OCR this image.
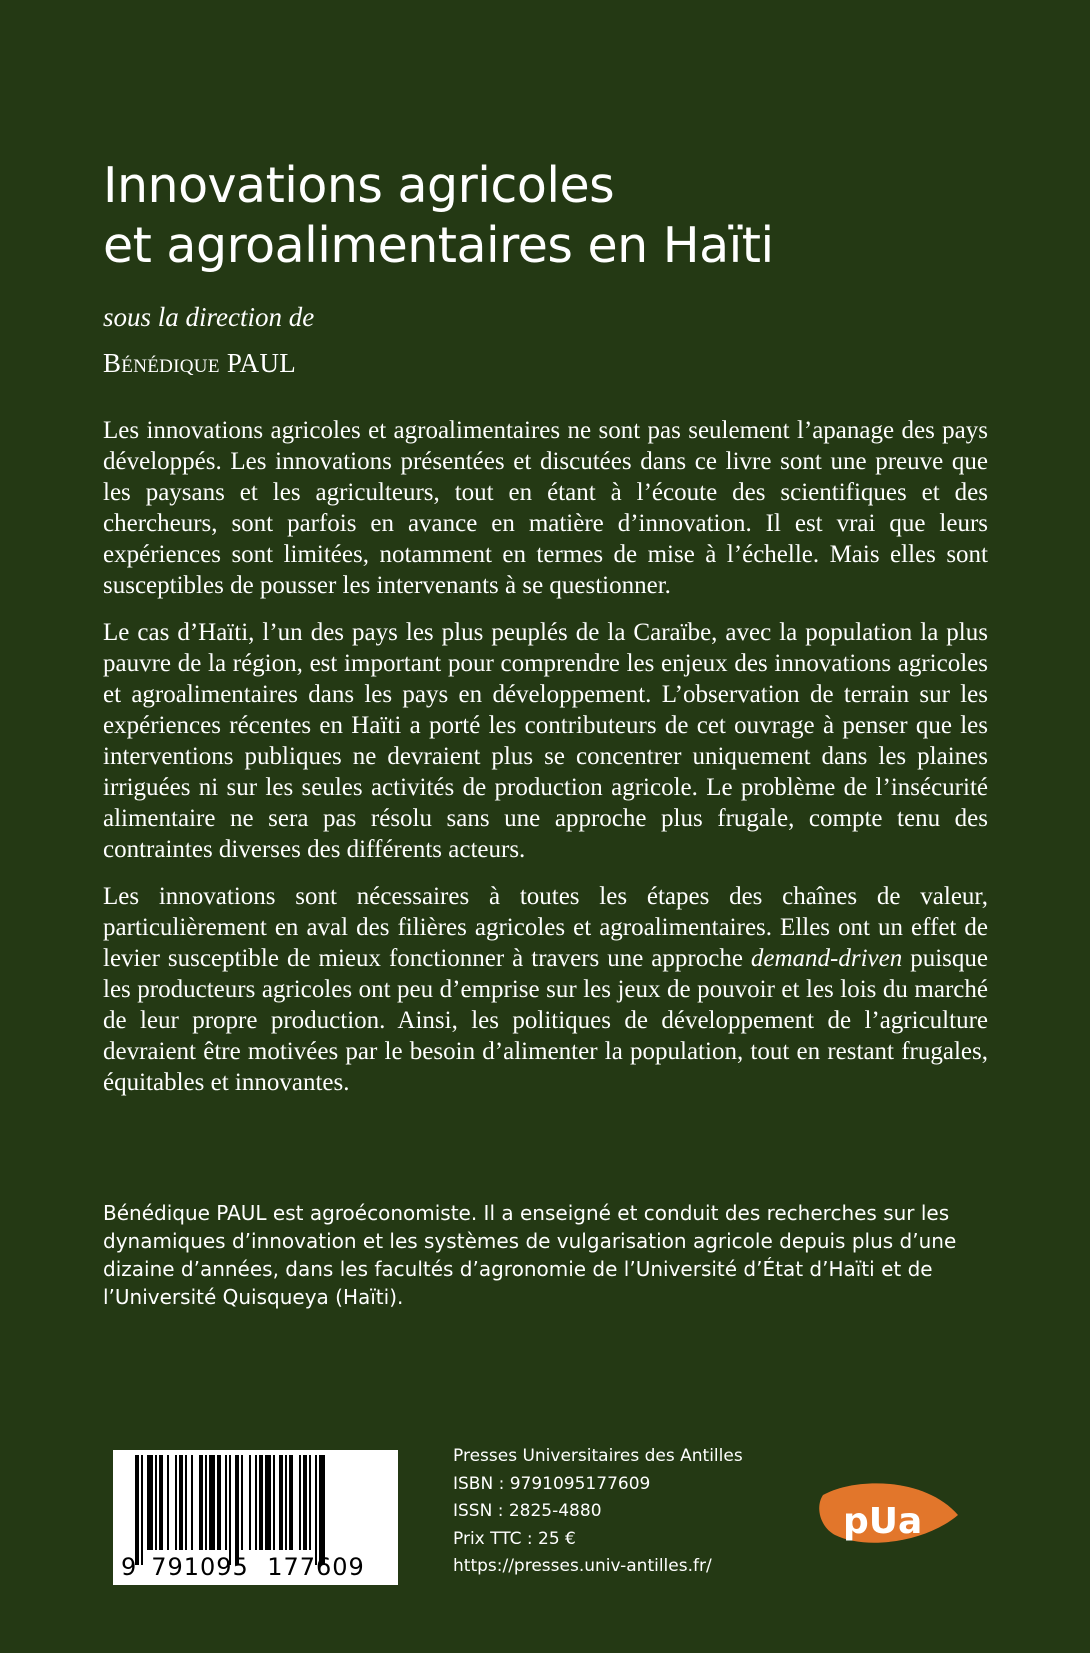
Innovations agricoles
et agroalimentaires en Haïti
sous la direction de
Bénédique PAUL

Les innovations agricoles et agroalimentaires ne sont pas seulement l’apanage des pays développés. Les innovations présentées et discutées dans ce livre sont une preuve que les paysans et les agriculteurs, tout en étant à l’écoute des scientifiques et des chercheurs, sont parfois en avance en matière d’innovation. Il est vrai que leurs expériences sont limitées, notamment en termes de mise à l’échelle. Mais elles sont susceptibles de pousser les intervenants à se questionner.

Le cas d’Haïti, l’un des pays les plus peuplés de la Caraïbe, avec la population la plus pauvre de la région, est important pour comprendre les enjeux des innovations agricoles et agroalimentaires dans les pays en développement. L’observation de terrain sur les expériences récentes en Haïti a porté les contributeurs de cet ouvrage à penser que les interventions publiques ne devraient plus se concentrer uniquement dans les plaines irriguées ni sur les seules activités de production agricole. Le problème de l’insécurité alimentaire ne sera pas résolu sans une approche plus frugale, compte tenu des contraintes diverses des différents acteurs.

Les innovations sont nécessaires à toutes les étapes des chaînes de valeur, particulièrement en aval des filières agricoles et agroalimentaires. Elles ont un effet de levier susceptible de mieux fonctionner à travers une approche demand-driven puisque les producteurs agricoles ont peu d’emprise sur les jeux de pouvoir et les lois du marché de leur propre production. Ainsi, les politiques de développement de l’agriculture devraient être motivées par le besoin d’alimenter la population, tout en restant frugales, équitables et innovantes.

Bénédique PAUL est agroéconomiste. Il a enseigné et conduit des recherches sur les dynamiques d’innovation et les systèmes de vulgarisation agricole depuis plus d’une dizaine d’années, dans les facultés d’agronomie de l’Université d’État d’Haïti et de l’Université Quisqueya (Haïti).
9 791095 177609
Presses Universitaires des Antilles
ISBN : 9791095177609
ISSN : 2825-4880
Prix TTC : 25 €
https://presses.univ-antilles.fr/
pUa
